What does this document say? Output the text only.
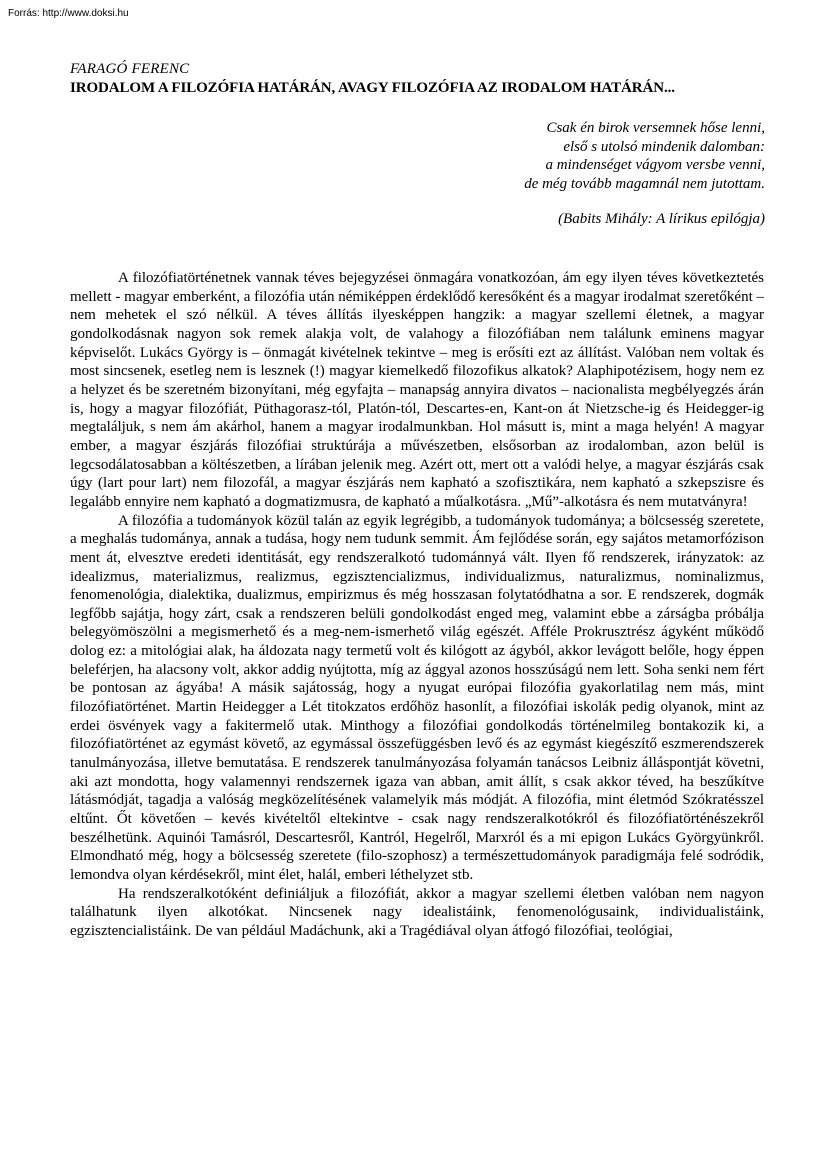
Forrás: http://www.doksi.hu
FARAGÓ FERENC
IRODALOM A FILOZÓFIA HATÁRÁN, AVAGY FILOZÓFIA AZ IRODALOM HATÁRÁN...
Csak én birok versemnek hőse lenni,
első s utolsó mindenik dalomban:
a mindenséget vágyom versbe venni,
de még tovább magamnál nem jutottam.
(Babits Mihály: A lírikus epilógja)

A filozófiatörténetnek vannak téves bejegyzései önmagára vonatkozóan, ám egy ilyen téves következtetés mellett - magyar emberként, a filozófia után némiképpen érdeklődő keresőként és a magyar irodalmat szeretőként – nem mehetek el szó nélkül. A téves állítás ilyesképpen hangzik: a magyar szellemi életnek, a magyar gondolkodásnak nagyon sok remek alakja volt, de valahogy a filozófiában nem találunk eminens magyar képviselőt. Lukács György is – önmagát kivételnek tekintve – meg is erősíti ezt az állítást. Valóban nem voltak és most sincsenek, esetleg nem is lesznek (!) magyar kiemelkedő filozofikus alkatok? Alaphipotézisem, hogy nem ez a helyzet és be szeretném bizonyítani, még egyfajta – manapság annyira divatos – nacionalista megbélyegzés árán is, hogy a magyar filozófiát, Püthagorasz-tól, Platón-tól, Descartes-en, Kant-on át Nietzsche-ig és Heidegger-ig megtaláljuk, s nem ám akárhol, hanem a magyar irodalmunkban. Hol másutt is, mint a maga helyén! A magyar ember, a magyar észjárás filozófiai struktúrája a művészetben, elsősorban az irodalomban, azon belül is legcsodálatosabban a költészetben, a lírában jelenik meg. Azért ott, mert ott a valódi helye, a magyar észjárás csak úgy (lart pour lart) nem filozofál, a magyar észjárás nem kapható a szofisztikára, nem kapható a szkepszisre és legalább ennyire nem kapható a dogmatizmusra, de kapható a műalkotásra. „Mű”-alkotásra és nem mutatványra!

A filozófia a tudományok közül talán az egyik legrégibb, a tudományok tudománya; a bölcsesség szeretete, a meghalás tudománya, annak a tudása, hogy nem tudunk semmit. Ám fejlődése során, egy sajátos metamorfózison ment át, elvesztve eredeti identitását, egy rendszeralkotó tudománnyá vált. Ilyen fő rendszerek, irányzatok: az idealizmus, materializmus, realizmus, egzisztencializmus, individualizmus, naturalizmus, nominalizmus, fenomenológia, dialektika, dualizmus, empirizmus és még hosszasan folytatódhatna a sor. E rendszerek, dogmák legfőbb sajátja, hogy zárt, csak a rendszeren belüli gondolkodást enged meg, valamint ebbe a zárságba próbálja belegyömöszölni a megismerhető és a meg-nem-ismerhető világ egészét. Afféle Prokrusztrész ágyként működő dolog ez: a mitológiai alak, ha áldozata nagy termetű volt és kilógott az ágyból, akkor levágott belőle, hogy éppen beleférjen, ha alacsony volt, akkor addig nyújtotta, míg az ággyal azonos hosszúságú nem lett. Soha senki nem fért be pontosan az ágyába! A másik sajátosság, hogy a nyugat európai filozófia gyakorlatilag nem más, mint filozófiatörténet. Martin Heidegger a Lét titokzatos erdőhöz hasonlít, a filozófiai iskolák pedig olyanok, mint az erdei ösvények vagy a fakitermelő utak. Minthogy a filozófiai gondolkodás történelmileg bontakozik ki, a filozófiatörténet az egymást követő, az egymással összefüggésben levő és az egymást kiegészítő eszmerendszerek tanulmányozása, illetve bemutatása. E rendszerek tanulmányozása folyamán tanácsos Leibniz álláspontját követni, aki azt mondotta, hogy valamennyi rendszernek igaza van abban, amit állít, s csak akkor téved, ha beszűkítve látásmódját, tagadja a valóság megközelítésének valamelyik más módját. A filozófia, mint életmód Szókratésszel eltűnt. Őt követően – kevés kivételtől eltekintve - csak nagy rendszeralkotókról és filozófiatörténészekről beszélhetünk. Aquinói Tamásról, Descartesről, Kantról, Hegelről, Marxról és a mi epigon Lukács Györgyünkről. Elmondható még, hogy a bölcsesség szeretete (filo-szophosz) a természettudományok paradigmája felé sodródik, lemondva olyan kérdésekről, mint élet, halál, emberi léthelyzet stb.

Ha rendszeralkotóként definiáljuk a filozófiát, akkor a magyar szellemi életben valóban nem nagyon találhatunk ilyen alkotókat. Nincsenek nagy idealistáink, fenomenológusaink, individualistáink, egzisztencialistáink. De van például Madáchunk, aki a Tragédiával olyan átfogó filozófiai, teológiai,
